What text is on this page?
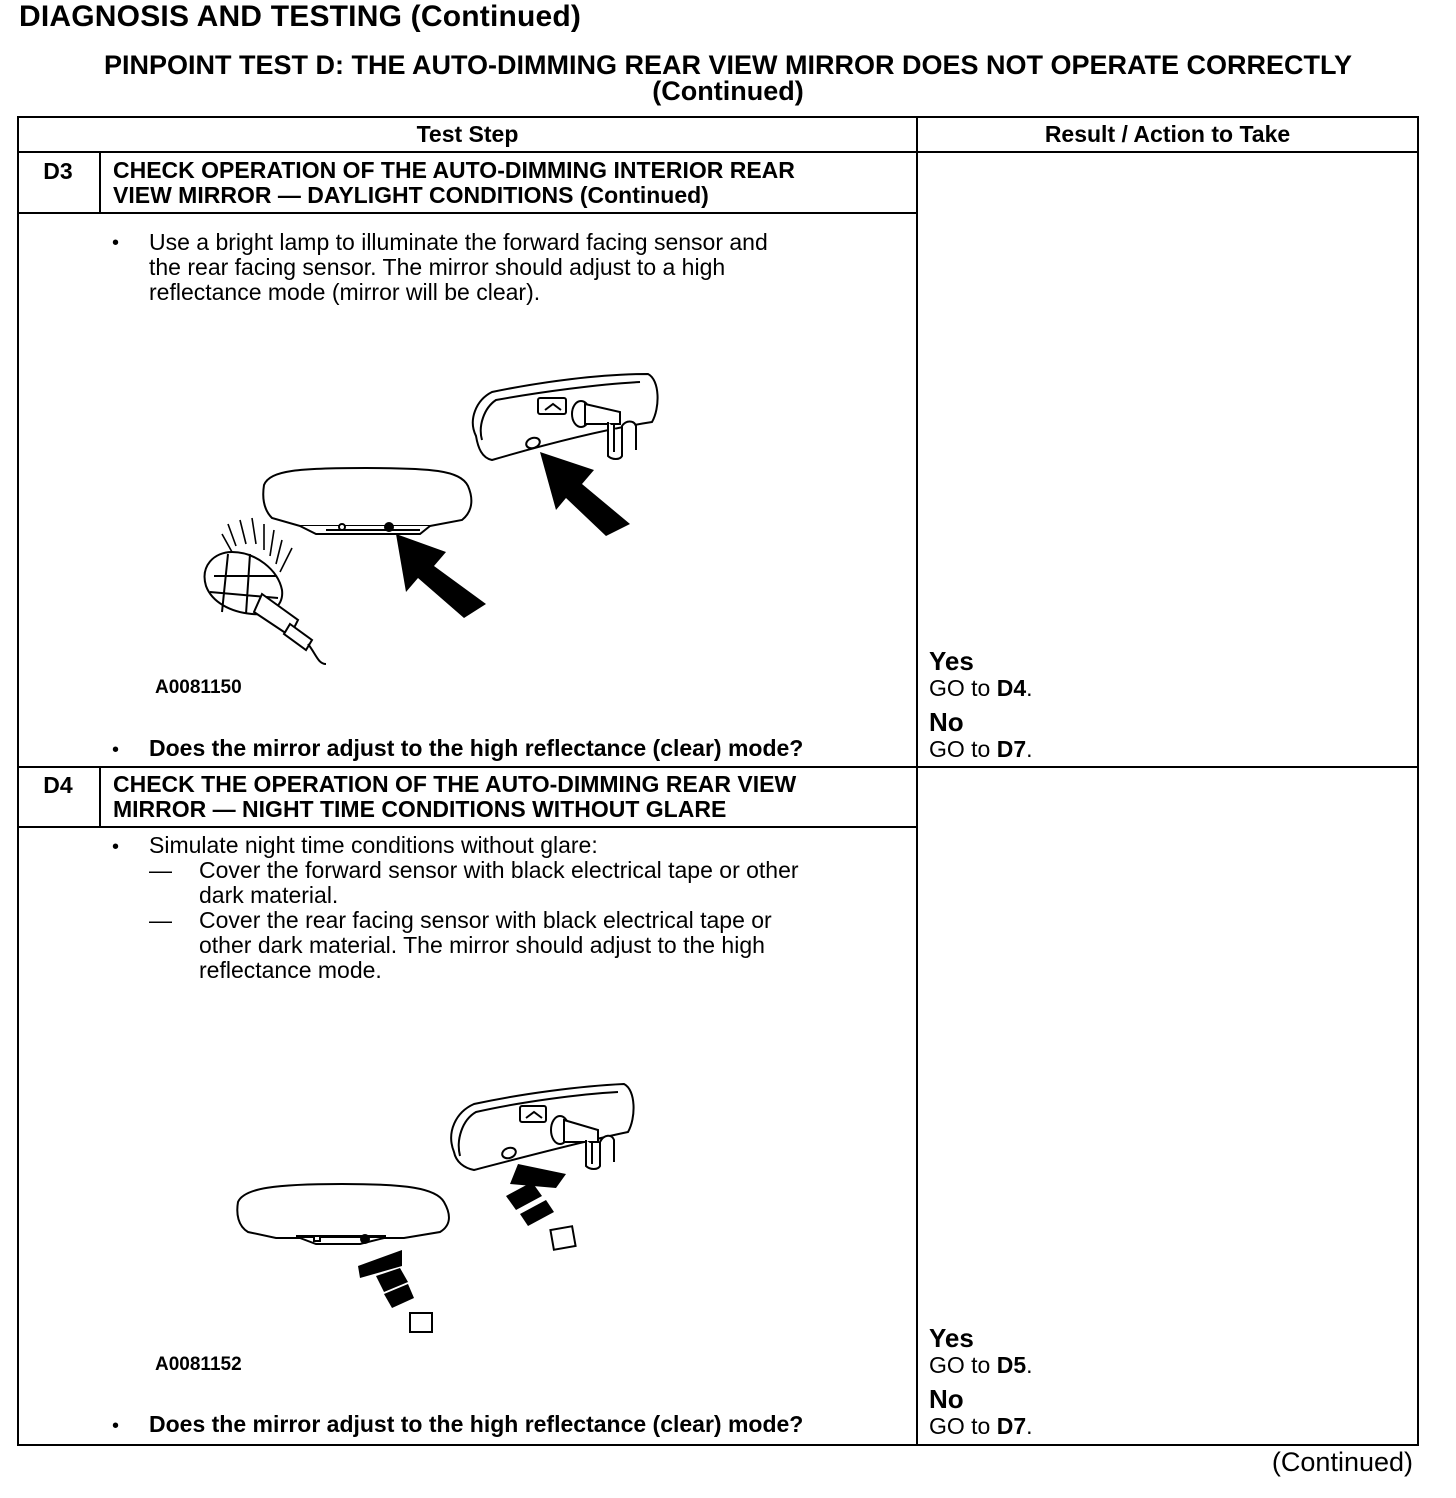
DIAGNOSIS AND TESTING (Continued)
PINPOINT TEST D: THE AUTO-DIMMING REAR VIEW MIRROR DOES NOT OPERATE CORRECTLY
(Continued)
Test Step	Result / Action to Take
D3	CHECK OPERATION OF THE AUTO-DIMMING INTERIOR REAR
VIEW MIRROR — DAYLIGHT CONDITIONS (Continued)
• Use a bright lamp to illuminate the forward facing sensor and
the rear facing sensor. The mirror should adjust to a high
reflectance mode (mirror will be clear).
A0081150
• Does the mirror adjust to the high reflectance (clear) mode?
Yes
GO to D4.
No
GO to D7.
D4	CHECK THE OPERATION OF THE AUTO-DIMMING REAR VIEW
MIRROR — NIGHT TIME CONDITIONS WITHOUT GLARE
• Simulate night time conditions without glare:
— Cover the forward sensor with black electrical tape or other
dark material.
— Cover the rear facing sensor with black electrical tape or
other dark material. The mirror should adjust to the high
reflectance mode.
A0081152
• Does the mirror adjust to the high reflectance (clear) mode?
Yes
GO to D5.
No
GO to D7.
(Continued)
